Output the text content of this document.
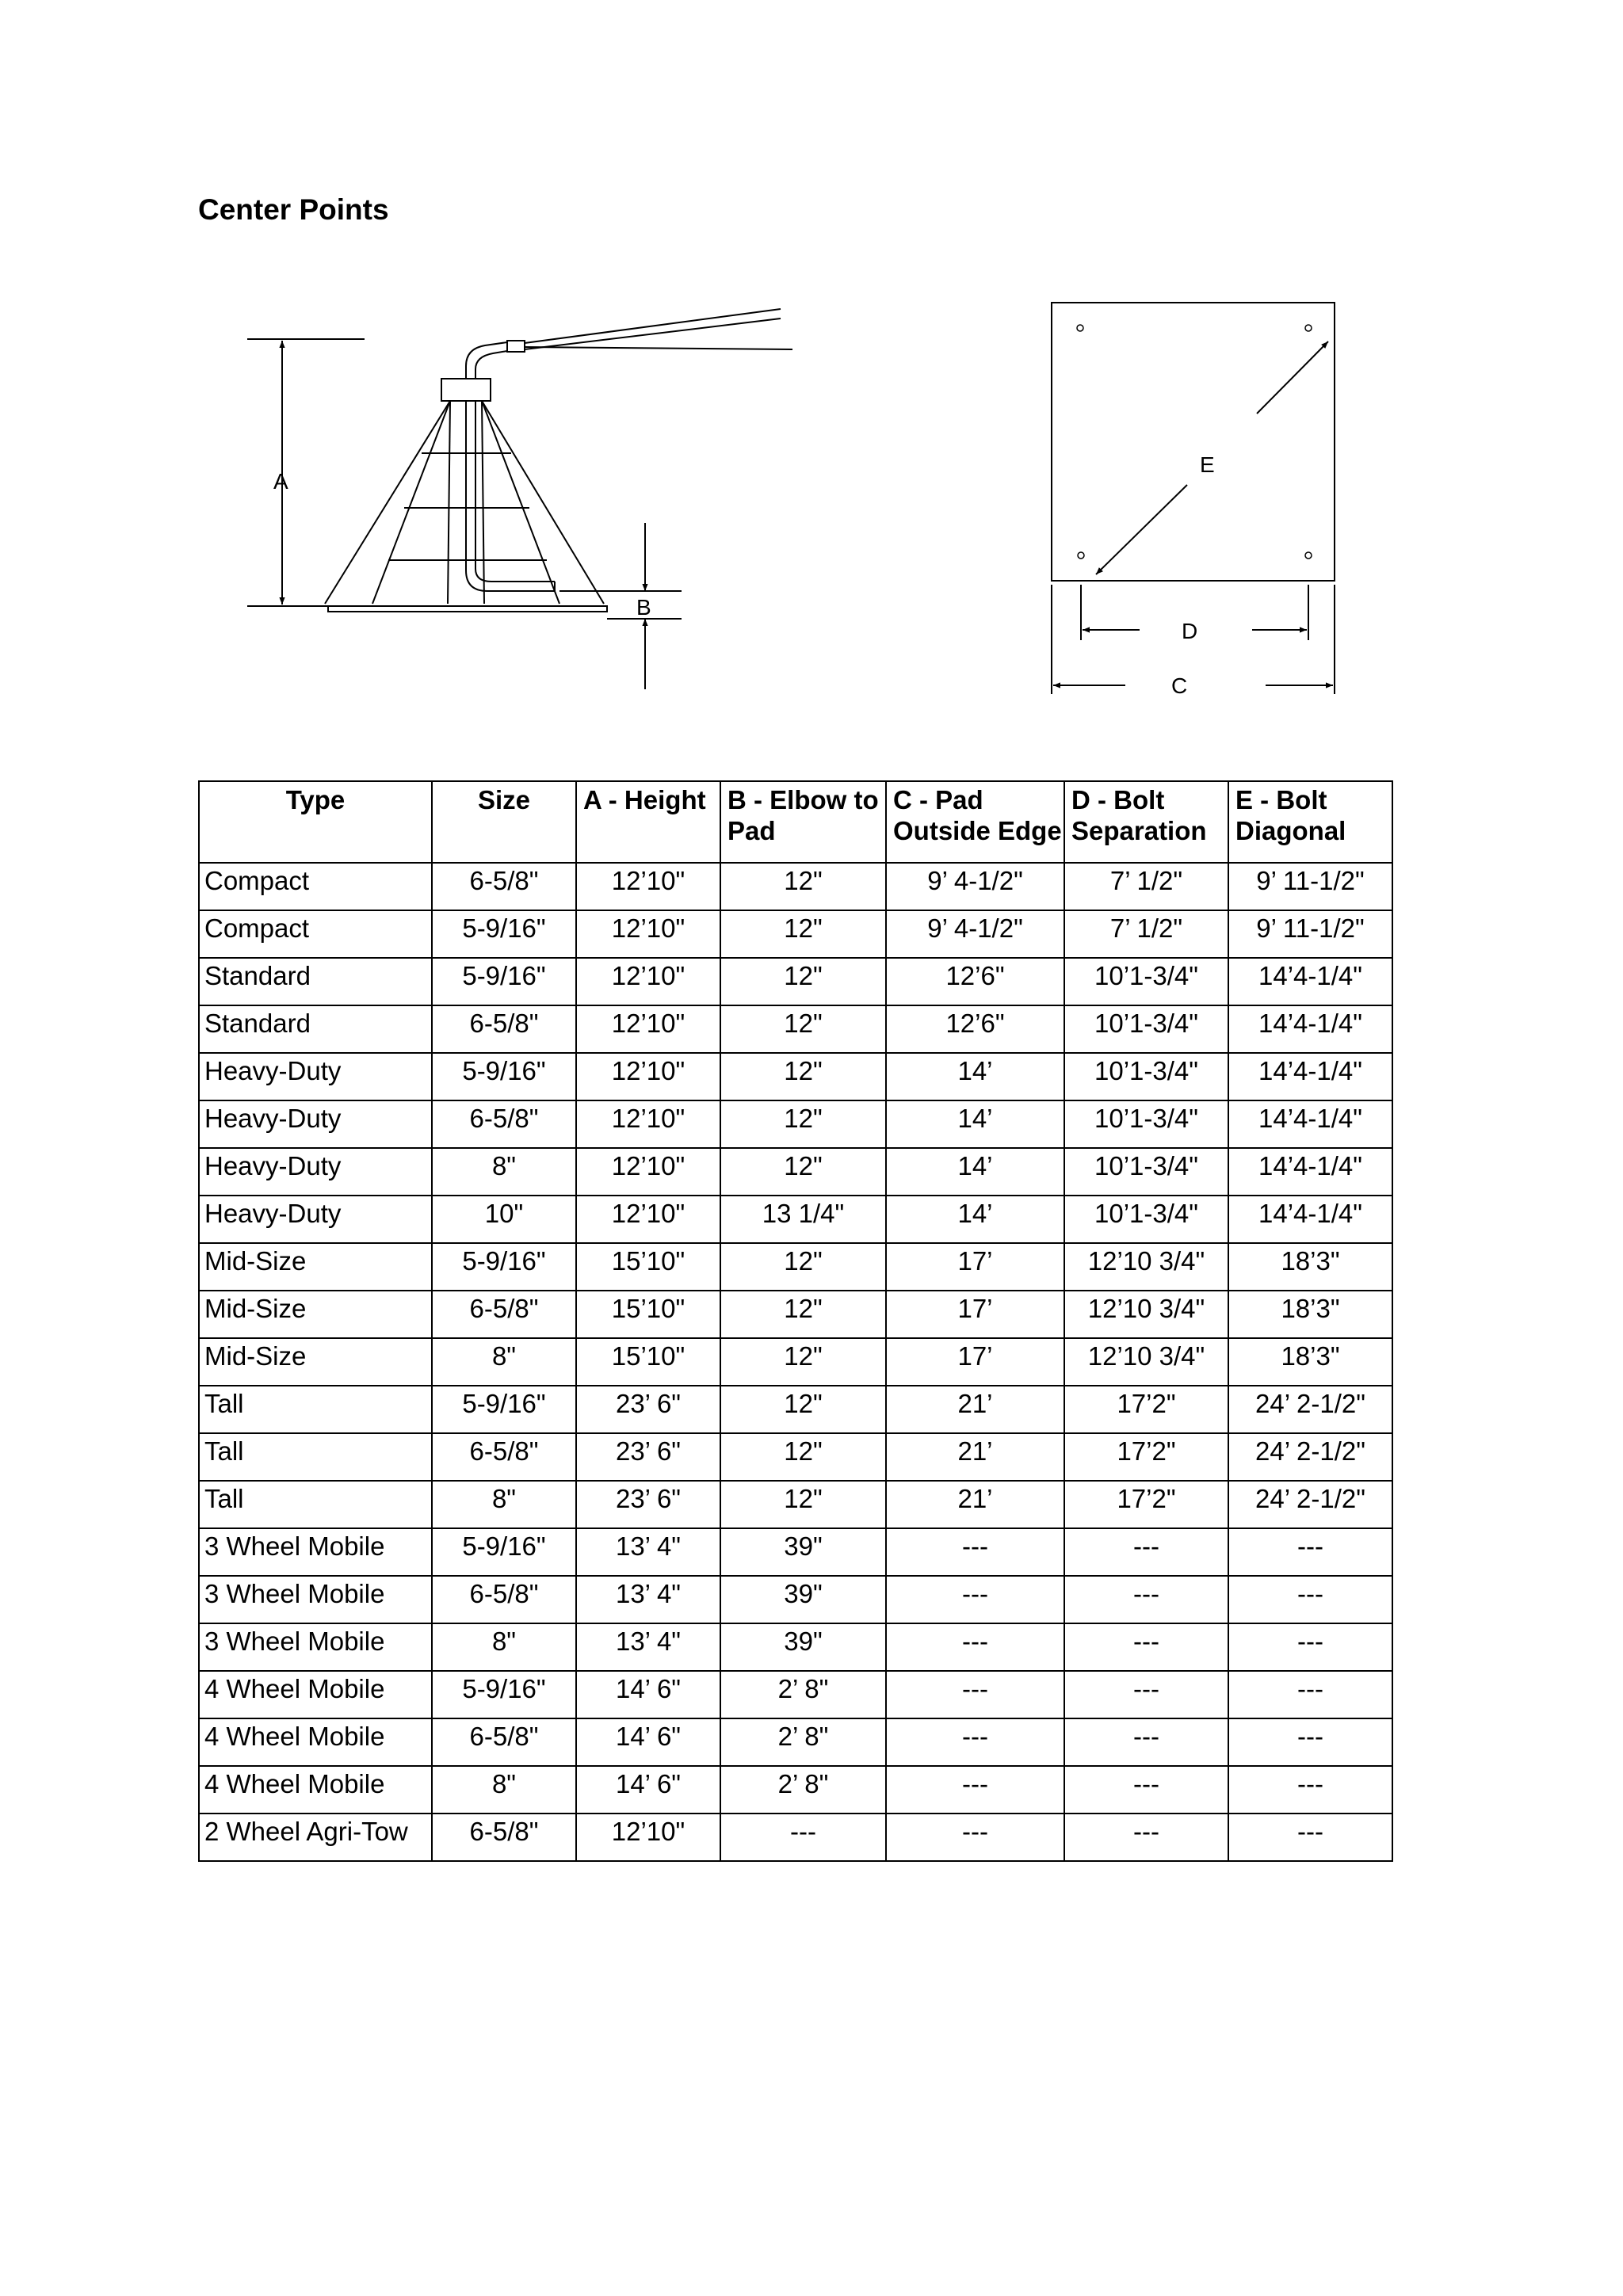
Center Points
A
B
E
D
C
Type	Size	A - Height	B - Elbow to Pad	C - Pad Outside Edge	D - Bolt Separation	E - Bolt Diagonal
Compact	6-5/8"	12’10"	12"	9’ 4-1/2"	7’ 1/2"	9’ 11-1/2"
Compact	5-9/16"	12’10"	12"	9’ 4-1/2"	7’ 1/2"	9’ 11-1/2"
Standard	5-9/16"	12’10"	12"	12’6"	10’1-3/4"	14’4-1/4"
Standard	6-5/8"	12’10"	12"	12’6"	10’1-3/4"	14’4-1/4"
Heavy-Duty	5-9/16"	12’10"	12"	14’	10’1-3/4"	14’4-1/4"
Heavy-Duty	6-5/8"	12’10"	12"	14’	10’1-3/4"	14’4-1/4"
Heavy-Duty	8"	12’10"	12"	14’	10’1-3/4"	14’4-1/4"
Heavy-Duty	10"	12’10"	13 1/4"	14’	10’1-3/4"	14’4-1/4"
Mid-Size	5-9/16"	15’10"	12"	17’	12’10 3/4"	18’3"
Mid-Size	6-5/8"	15’10"	12"	17’	12’10 3/4"	18’3"
Mid-Size	8"	15’10"	12"	17’	12’10 3/4"	18’3"
Tall	5-9/16"	23’ 6"	12"	21’	17’2"	24’ 2-1/2"
Tall	6-5/8"	23’ 6"	12"	21’	17’2"	24’ 2-1/2"
Tall	8"	23’ 6"	12"	21’	17’2"	24’ 2-1/2"
3 Wheel Mobile	5-9/16"	13’ 4"	39"	---	---	---
3 Wheel Mobile	6-5/8"	13’ 4"	39"	---	---	---
3 Wheel Mobile	8"	13’ 4"	39"	---	---	---
4 Wheel Mobile	5-9/16"	14’ 6"	2’ 8"	---	---	---
4 Wheel Mobile	6-5/8"	14’ 6"	2’ 8"	---	---	---
4 Wheel Mobile	8"	14’ 6"	2’ 8"	---	---	---
2 Wheel Agri-Tow	6-5/8"	12’10"	---	---	---	---
